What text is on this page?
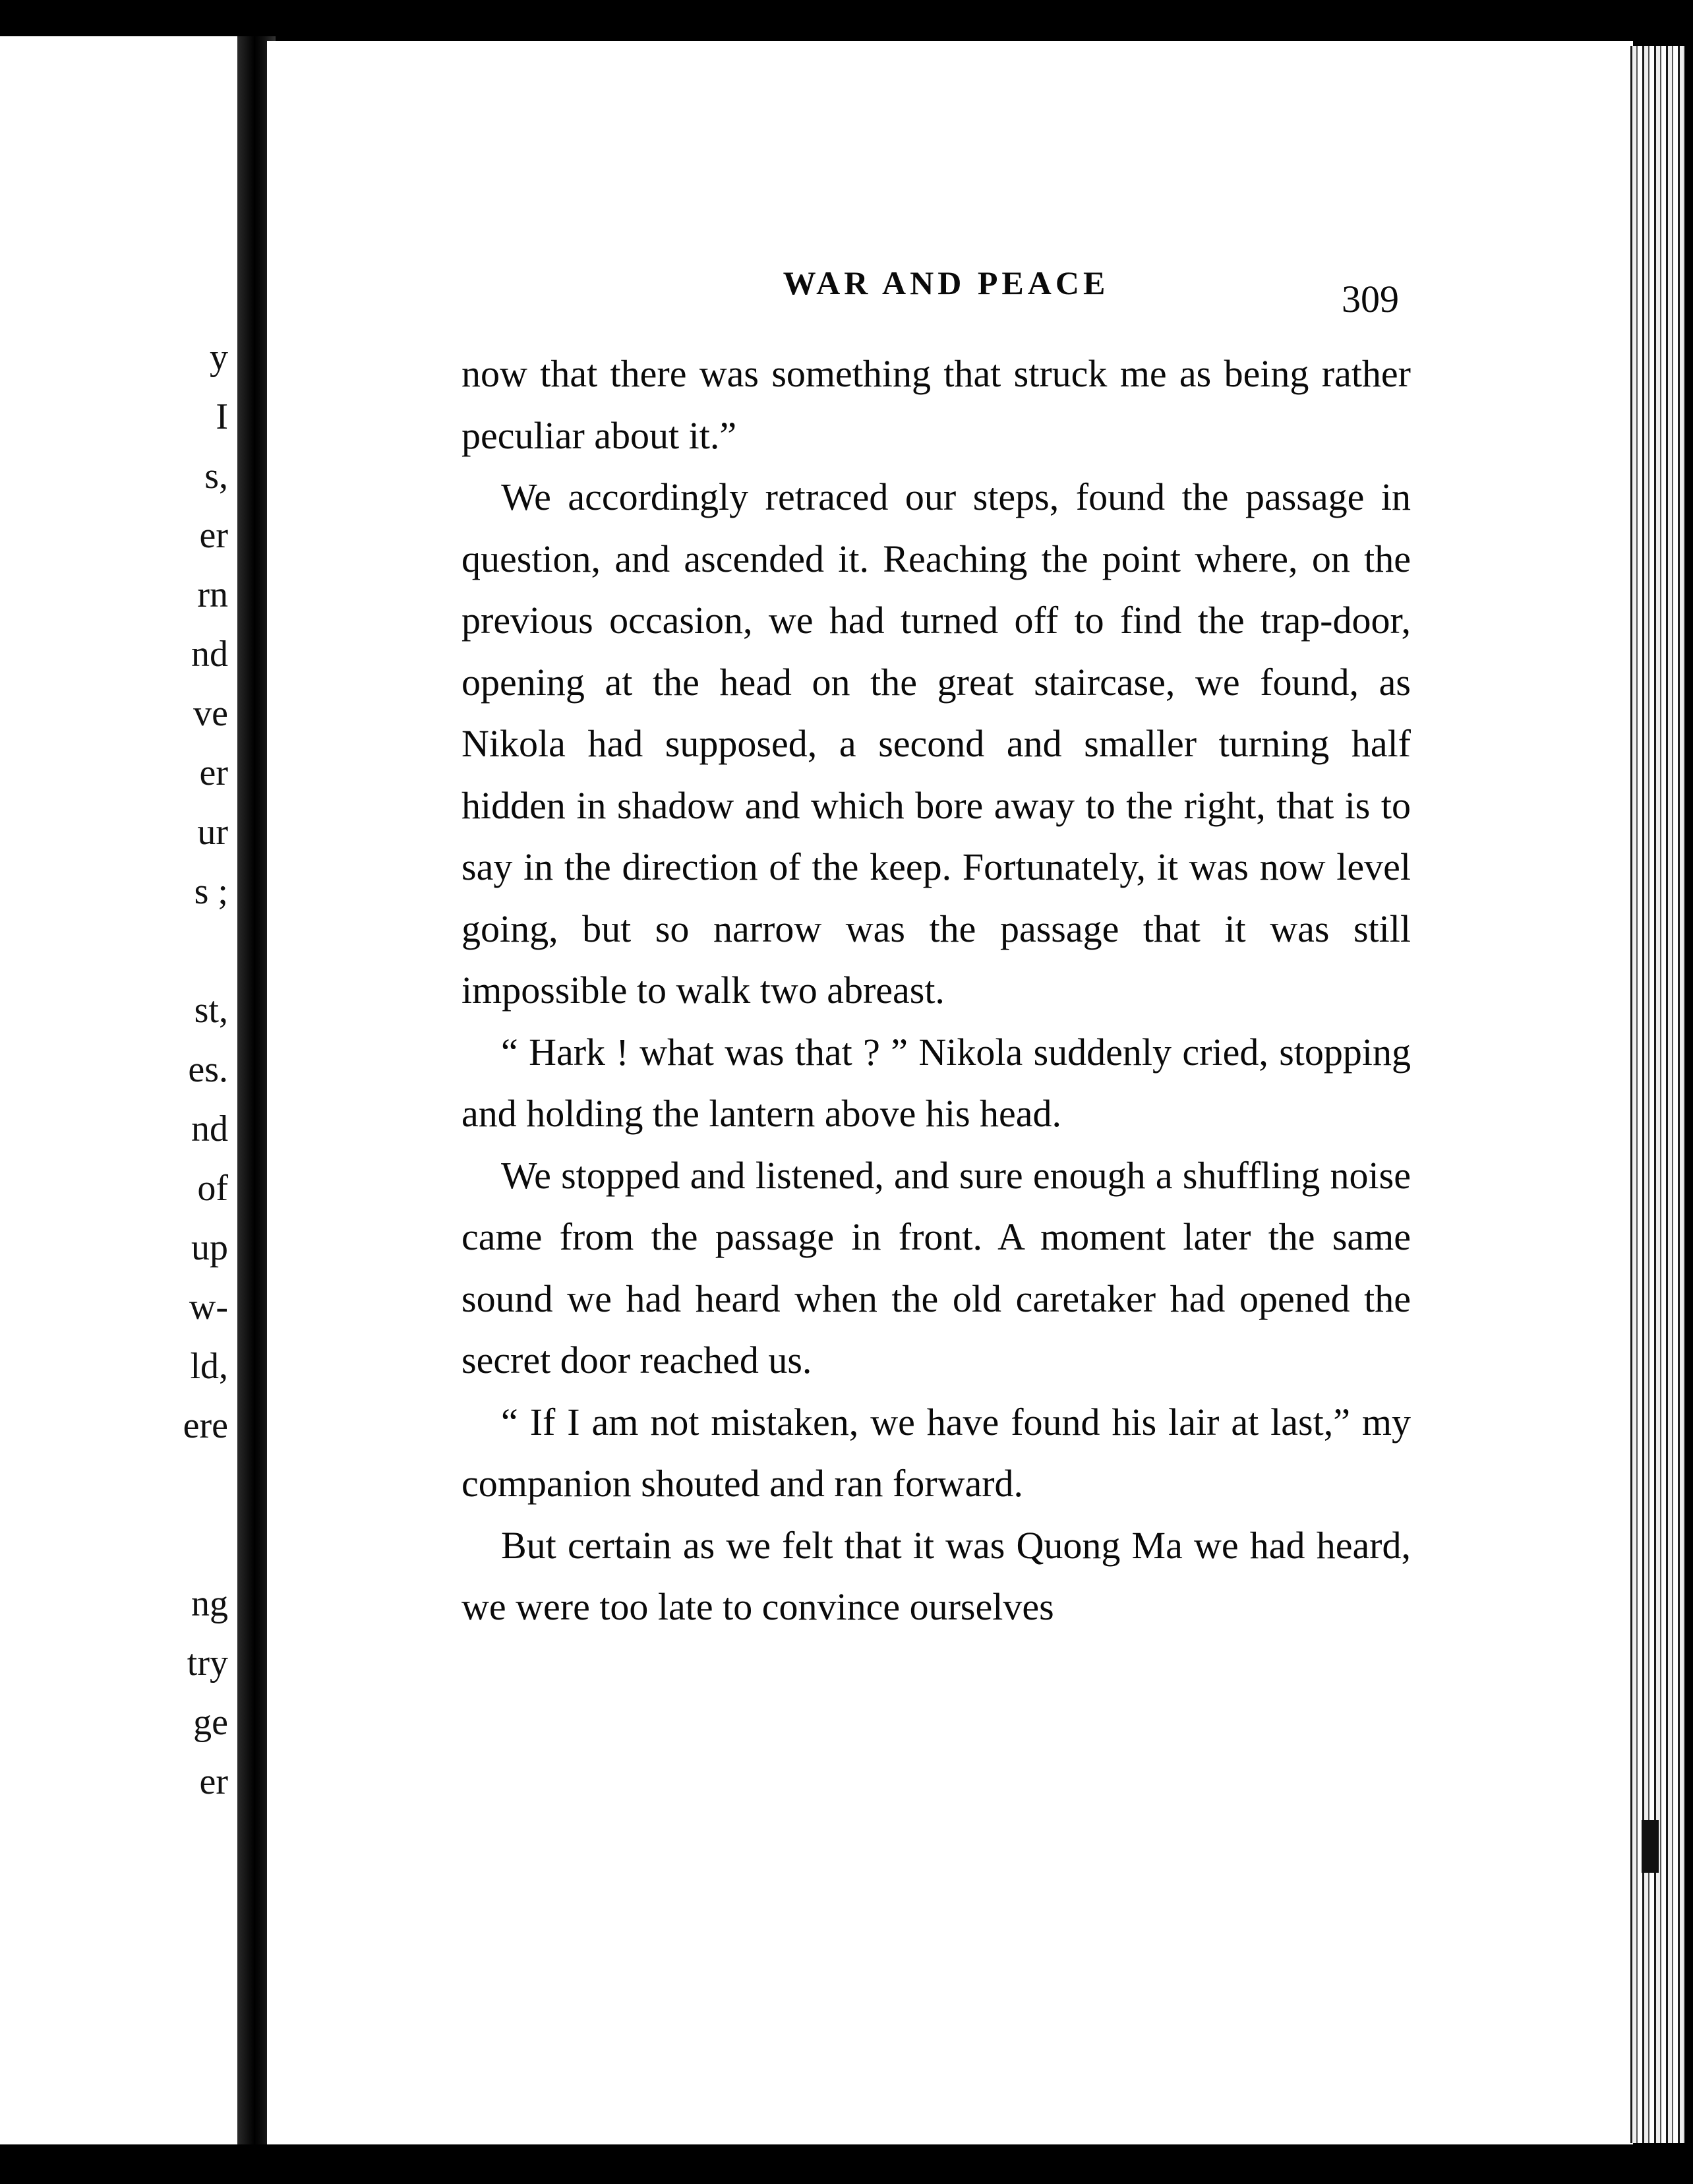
y
I
s,
er
rn
nd
ve
er
ur
s ;
st,
es.
nd
of
up
w-
ld,
ere
ng
try
ge
er
WAR AND PEACE	309

now that there was something that struck me as being rather peculiar about it.”

We accordingly retraced our steps, found the passage in question, and ascended it. Reaching the point where, on the previous occasion, we had turned off to find the trap-door, opening at the head on the great staircase, we found, as Nikola had supposed, a second and smaller turning half hidden in shadow and which bore away to the right, that is to say in the direction of the keep. Fortunately, it was now level going, but so narrow was the passage that it was still impossible to walk two abreast.

“ Hark ! what was that ? ” Nikola suddenly cried, stopping and holding the lantern above his head.

We stopped and listened, and sure enough a shuffling noise came from the passage in front. A moment later the same sound we had heard when the old caretaker had opened the secret door reached us.

“ If I am not mistaken, we have found his lair at last,” my companion shouted and ran forward.

But certain as we felt that it was Quong Ma we had heard, we were too late to convince ourselves
